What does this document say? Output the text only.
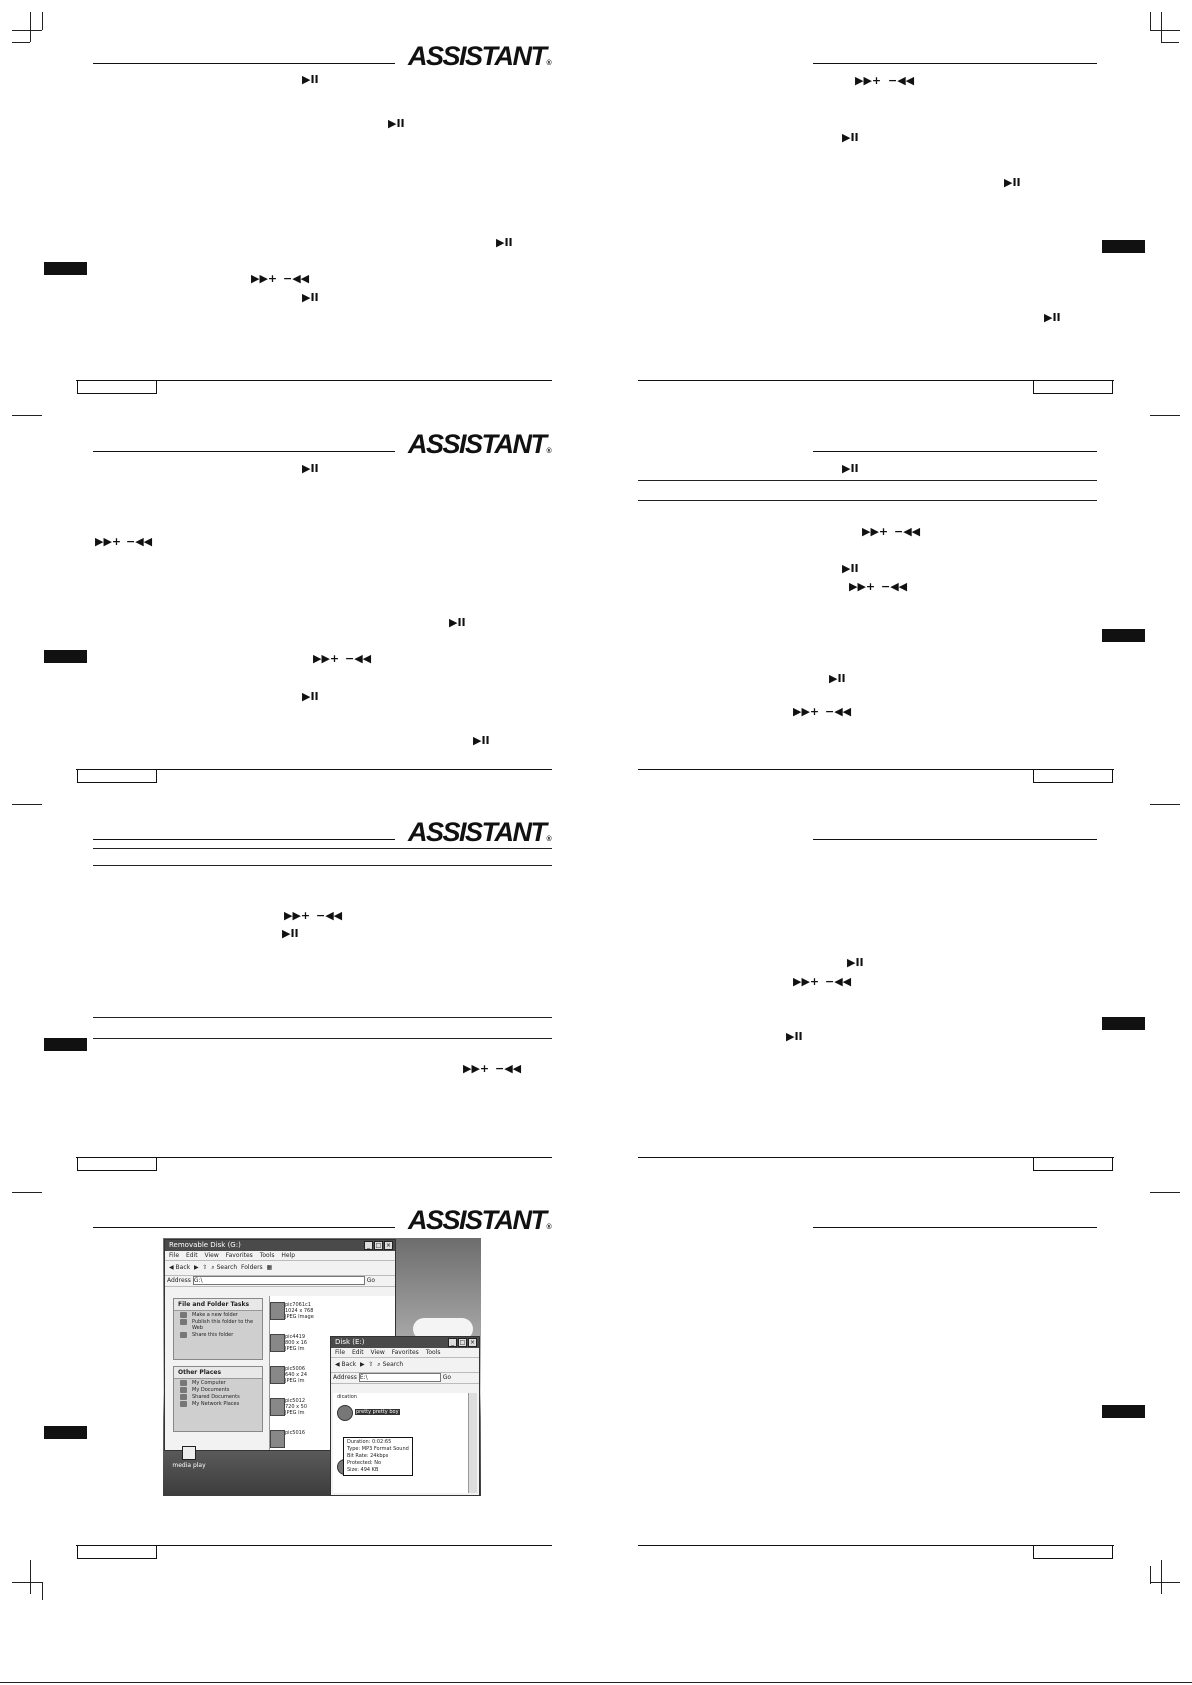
ASSISTANT®
▶II
▶II
▶II
▶▶+ −◀◀
▶II
▶▶+ −◀◀
▶II
▶II
▶II
ASSISTANT®
▶II
▶▶+ −◀◀
▶II
▶▶+ −◀◀
▶II
▶II
▶II
▶▶+ −◀◀
▶II
▶▶+ −◀◀
▶II
▶▶+ −◀◀
ASSISTANT®
▶▶+ −◀◀
▶II
▶▶+ −◀◀
▶II
▶▶+ −◀◀
▶II
ASSISTANT®
Removable Disk (G:)	_ □ ×
File Edit View Favorites Tools Help
◀ Back ▶ ⇧ ⌕ Search Folders ▦
Address G:\	Go
File and Folder Tasks
Make a new folder
Publish this folder to the Web
Share this folder
Other Places
My Computer
My Documents
Shared Documents
My Network Places
pic7061c1
1024 x 768
JPEG Image
pic4419
800 x 16
JPEG Im
pic5006
640 x 24
JPEG Im
pic5012
720 x 50
JPEG Im
pic5016
media play
Disk (E:)	_ □ ×
File Edit View Favorites Tools
◀ Back ▶ ⇧ ⌕ Search
Address E:\	Go
dication
pretty pretty boy
Duration: 0:02:65
Type: MP3 Format Sound
Bit Rate: 24kbps
Protected: No
Size: 494 KB
